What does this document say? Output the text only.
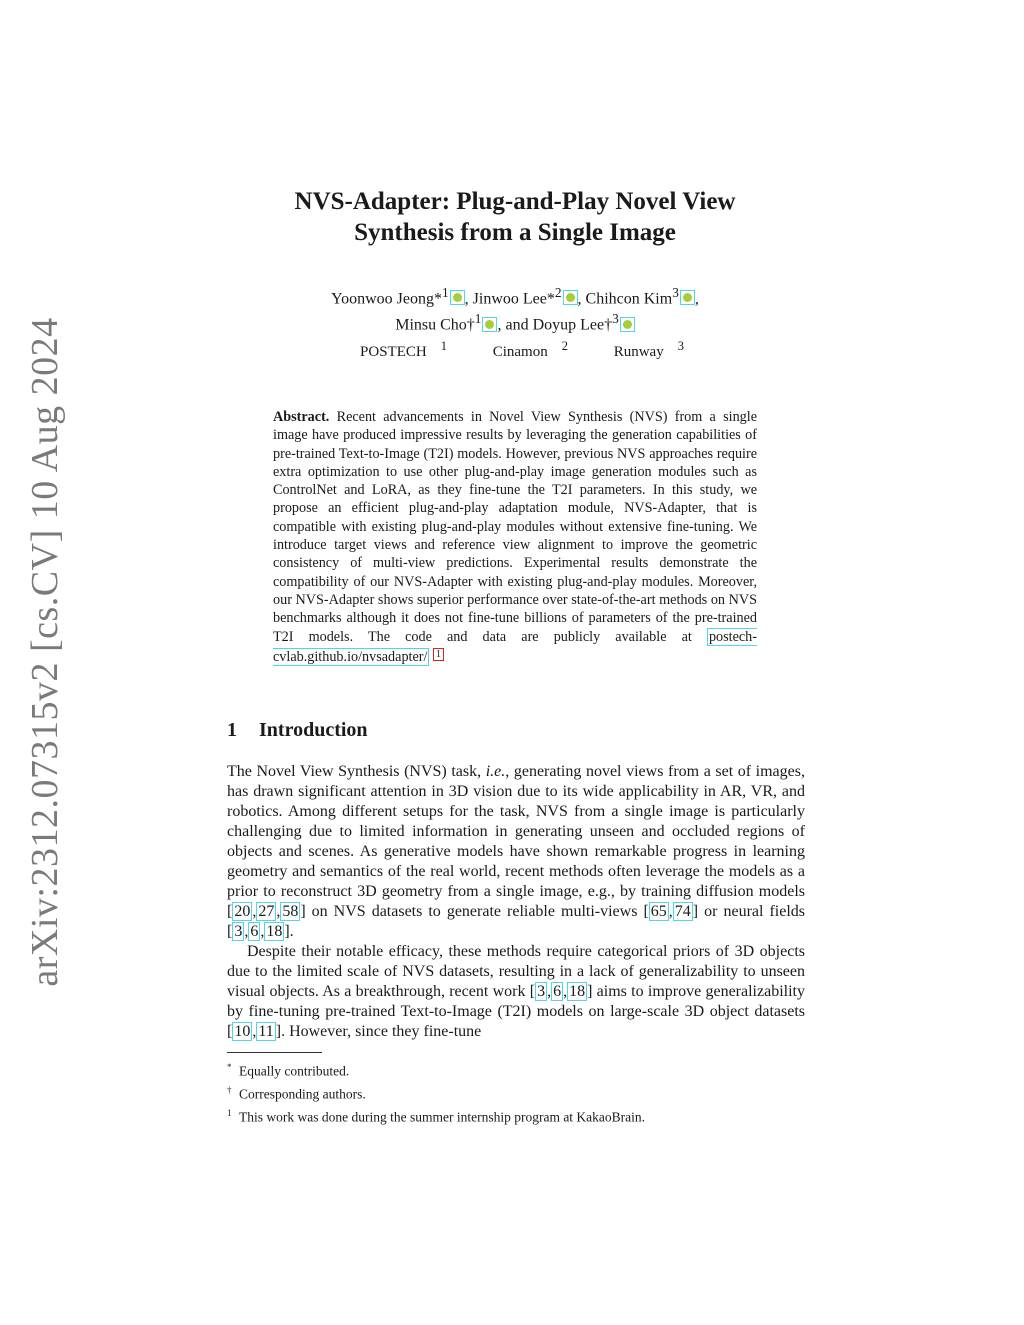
arXiv:2312.07315v2 [cs.CV] 10 Aug 2024
NVS-Adapter: Plug-and-Play Novel View
Synthesis from a Single Image
Yoonwoo Jeong*$^1$ , Jinwoo Lee*$^2$ , Chihcon Kim$^3$ ,
Minsu Cho†$^1$ , and Doyup Lee†$^3$
POSTECH $^1$	Cinamon $^2$	Runway $^3$
Abstract. Recent advancements in Novel View Synthesis (NVS) from a single image have produced impressive results by leveraging the generation capabilities of pre-trained Text-to-Image (T2I) models. However, previous NVS approaches require extra optimization to use other plug-and-play image generation modules such as ControlNet and LoRA, as they fine-tune the T2I parameters. In this study, we propose an efficient plug-and-play adaptation module, NVS-Adapter, that is compatible with existing plug-and-play modules without extensive fine-tuning. We introduce target views and reference view alignment to improve the geometric consistency of multi-view predictions. Experimental results demonstrate the compatibility of our NVS-Adapter with existing plug-and-play modules. Moreover, our NVS-Adapter shows superior performance over state-of-the-art methods on NVS benchmarks although it does not fine-tune billions of parameters of the pre-trained T2I models. The code and data are publicly available at postech-cvlab.github.io/nvsadapter/ $^1$
1 Introduction

The Novel View Synthesis (NVS) task, i.e., generating novel views from a set of images, has drawn significant attention in 3D vision due to its wide applicability in AR, VR, and robotics. Among different setups for the task, NVS from a single image is particularly challenging due to limited information in generating unseen and occluded regions of objects and scenes. As generative models have shown remarkable progress in learning geometry and semantics of the real world, recent methods often leverage the models as a prior to reconstruct 3D geometry from a single image, e.g., by training diffusion models [ 20 , 27 , 58 ] on NVS datasets to generate reliable multi-views [ 65 , 74 ] or neural fields [ 3 , 6 , 18 ].

Despite their notable efficacy, these methods require categorical priors of 3D objects due to the limited scale of NVS datasets, resulting in a lack of generalizability to unseen visual objects. As a breakthrough, recent work [ 3 , 6 , 18 ] aims to improve generalizability by fine-tuning pre-trained Text-to-Image (T2I) models on large-scale 3D object datasets [ 10 , 11 ]. However, since they fine-tune

* Equally contributed.
† Corresponding authors.
$^1$ This work was done during the summer internship program at KakaoBrain.
